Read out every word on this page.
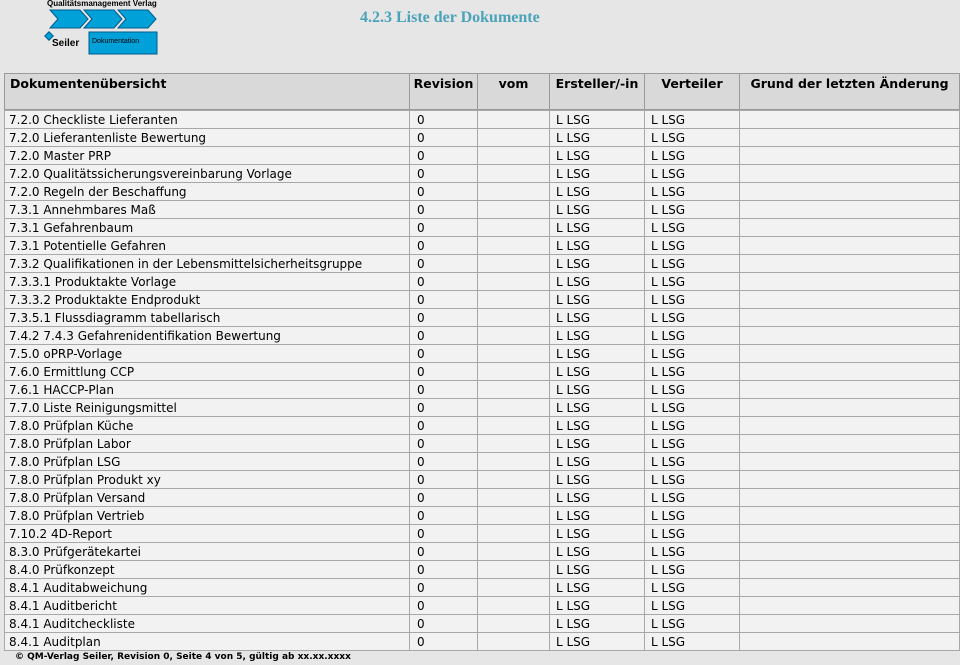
Qualitätsmanagement Verlag
Seiler Dokumentation
4.2.3 Liste der Dokumente
Dokumentenübersicht	Revision	vom	Ersteller/-in	Verteiler	Grund der letzten Änderung

7.2.0 Checkliste Lieferanten	0		L LSG	L LSG	
7.2.0 Lieferantenliste Bewertung	0		L LSG	L LSG	
7.2.0 Master PRP	0		L LSG	L LSG	
7.2.0 Qualitätssicherungsvereinbarung Vorlage	0		L LSG	L LSG	
7.2.0 Regeln der Beschaffung	0		L LSG	L LSG	
7.3.1 Annehmbares Maß	0		L LSG	L LSG	
7.3.1 Gefahrenbaum	0		L LSG	L LSG	
7.3.1 Potentielle Gefahren	0		L LSG	L LSG	
7.3.2 Qualifikationen in der Lebensmittelsicherheitsgruppe	0		L LSG	L LSG	
7.3.3.1 Produktakte Vorlage	0		L LSG	L LSG	
7.3.3.2 Produktakte Endprodukt	0		L LSG	L LSG	
7.3.5.1 Flussdiagramm tabellarisch	0		L LSG	L LSG	
7.4.2 7.4.3 Gefahrenidentifikation Bewertung	0		L LSG	L LSG	
7.5.0 oPRP-Vorlage	0		L LSG	L LSG	
7.6.0 Ermittlung CCP	0		L LSG	L LSG	
7.6.1 HACCP-Plan	0		L LSG	L LSG	
7.7.0 Liste Reinigungsmittel	0		L LSG	L LSG	
7.8.0 Prüfplan Küche	0		L LSG	L LSG	
7.8.0 Prüfplan Labor	0		L LSG	L LSG	
7.8.0 Prüfplan LSG	0		L LSG	L LSG	
7.8.0 Prüfplan Produkt xy	0		L LSG	L LSG	
7.8.0 Prüfplan Versand	0		L LSG	L LSG	
7.8.0 Prüfplan Vertrieb	0		L LSG	L LSG	
7.10.2 4D-Report	0		L LSG	L LSG	
8.3.0 Prüfgerätekartei	0		L LSG	L LSG	
8.4.0 Prüfkonzept	0		L LSG	L LSG	
8.4.1 Auditabweichung	0		L LSG	L LSG	
8.4.1 Auditbericht	0		L LSG	L LSG	
8.4.1 Auditcheckliste	0		L LSG	L LSG	
8.4.1 Auditplan	0		L LSG	L LSG	
© QM-Verlag Seiler, Revision 0, Seite 4 von 5, gültig ab xx.xx.xxxx
